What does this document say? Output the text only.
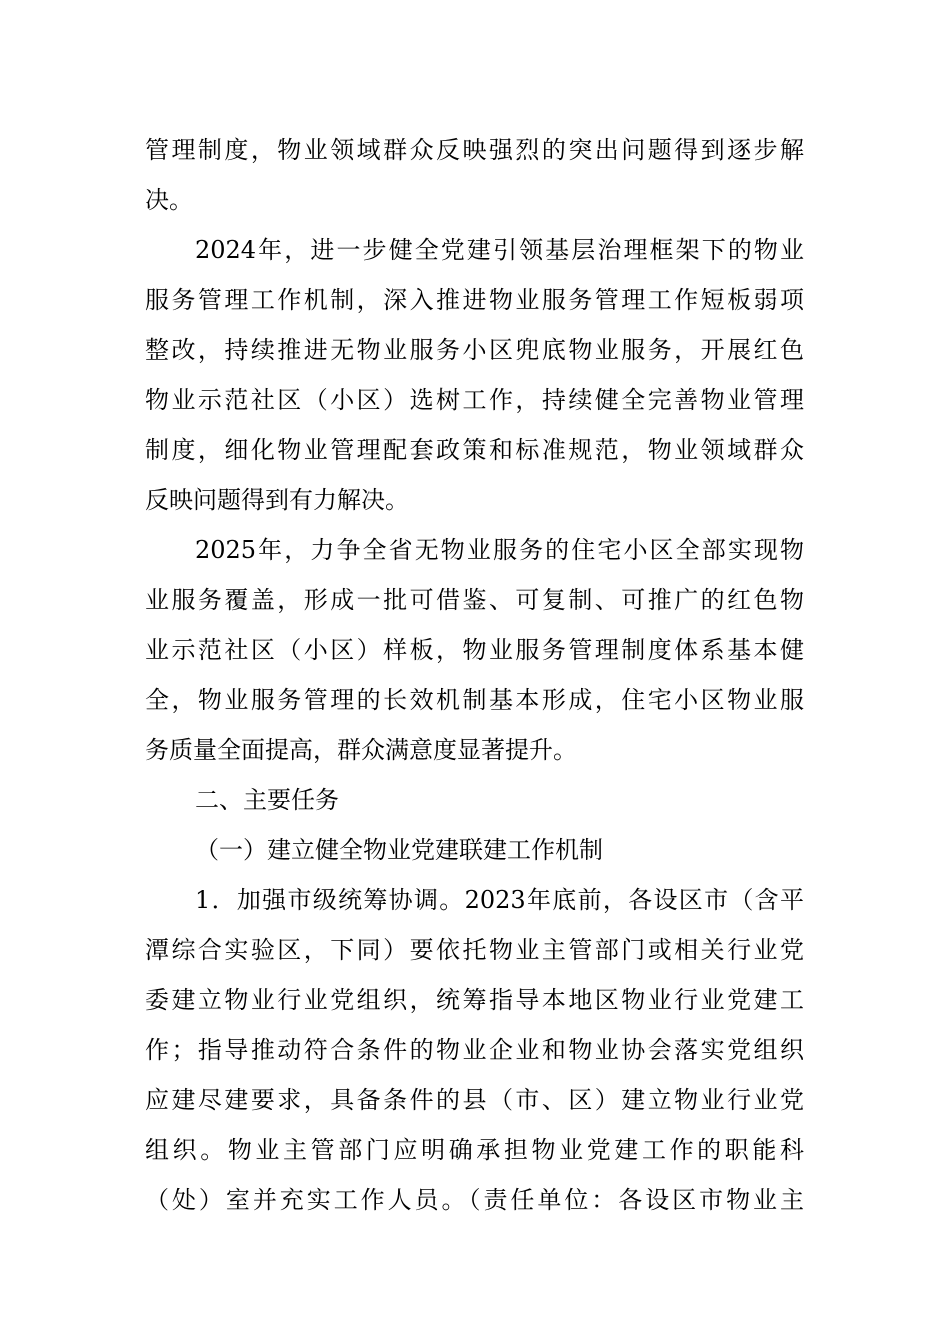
管理制度，物业领域群众反映强烈的突出问题得到逐步解
决。
2024年，进一步健全党建引领基层治理框架下的物业
服务管理工作机制，深入推进物业服务管理工作短板弱项
整改，持续推进无物业服务小区兜底物业服务，开展红色
物业示范社区（小区）选树工作，持续健全完善物业管理
制度，细化物业管理配套政策和标准规范，物业领域群众
反映问题得到有力解决。
2025年，力争全省无物业服务的住宅小区全部实现物
业服务覆盖，形成一批可借鉴、可复制、可推广的红色物
业示范社区（小区）样板，物业服务管理制度体系基本健
全，物业服务管理的长效机制基本形成，住宅小区物业服
务质量全面提高，群众满意度显著提升。
二、主要任务
（一）建立健全物业党建联建工作机制
1．加强市级统筹协调。2023年底前，各设区市（含平
潭综合实验区，下同）要依托物业主管部门或相关行业党
委建立物业行业党组织，统筹指导本地区物业行业党建工
作；指导推动符合条件的物业企业和物业协会落实党组织
应建尽建要求，具备条件的县（市、区）建立物业行业党
组织。物业主管部门应明确承担物业党建工作的职能科
（处）室并充实工作人员。（责任单位：各设区市物业主
